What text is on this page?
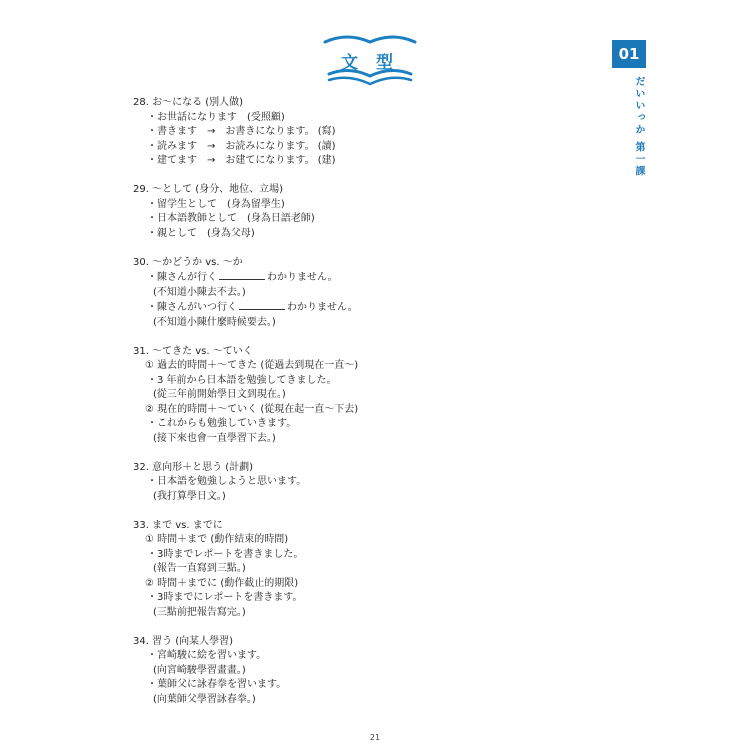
文 型	01
だいいっか 第一課
28. お～になる (別人做)
・お世話になります　(受照顧)
・書きます　→　お書きになります。 (寫)
・読みます　→　お読みになります。 (讀)
・建てます　→　お建てになります。 (建)
29. ～として (身分、地位、立場)
・留学生として　(身為留學生)
・日本語教師として　(身為日語老師)
・親として　(身為父母)
30. ～かどうか vs. ～か
・陳さんが行く	わかりません。
(不知道小陳去不去。)
・陳さんがいつ行く	わかりません。
(不知道小陳什麼時候要去。)
31. ～てきた vs. ～ていく
① 過去的時間＋～てきた (從過去到現在一直～)
・3 年前から日本語を勉強してきました。
(從三年前開始學日文到現在。)
② 現在的時間＋～ていく (從現在起一直～下去)
・これからも勉強していきます。
(接下來也會一直學習下去。)
32. 意向形＋と思う (計劃)
・日本語を勉強しようと思います。
(我打算學日文。)
33. まで vs. までに
① 時間＋まで (動作結束的時間)
・3時までレポートを書きました。
(報告一直寫到三點。)
② 時間＋までに (動作截止的期限)
・3時までにレポートを書きます。
(三點前把報告寫完。)
34. 習う (向某人學習)
・宮崎駿に絵を習います。
(向宮崎駿學習畫畫。)
・葉師父に詠春拳を習います。
(向葉師父學習詠春拳。)
21
